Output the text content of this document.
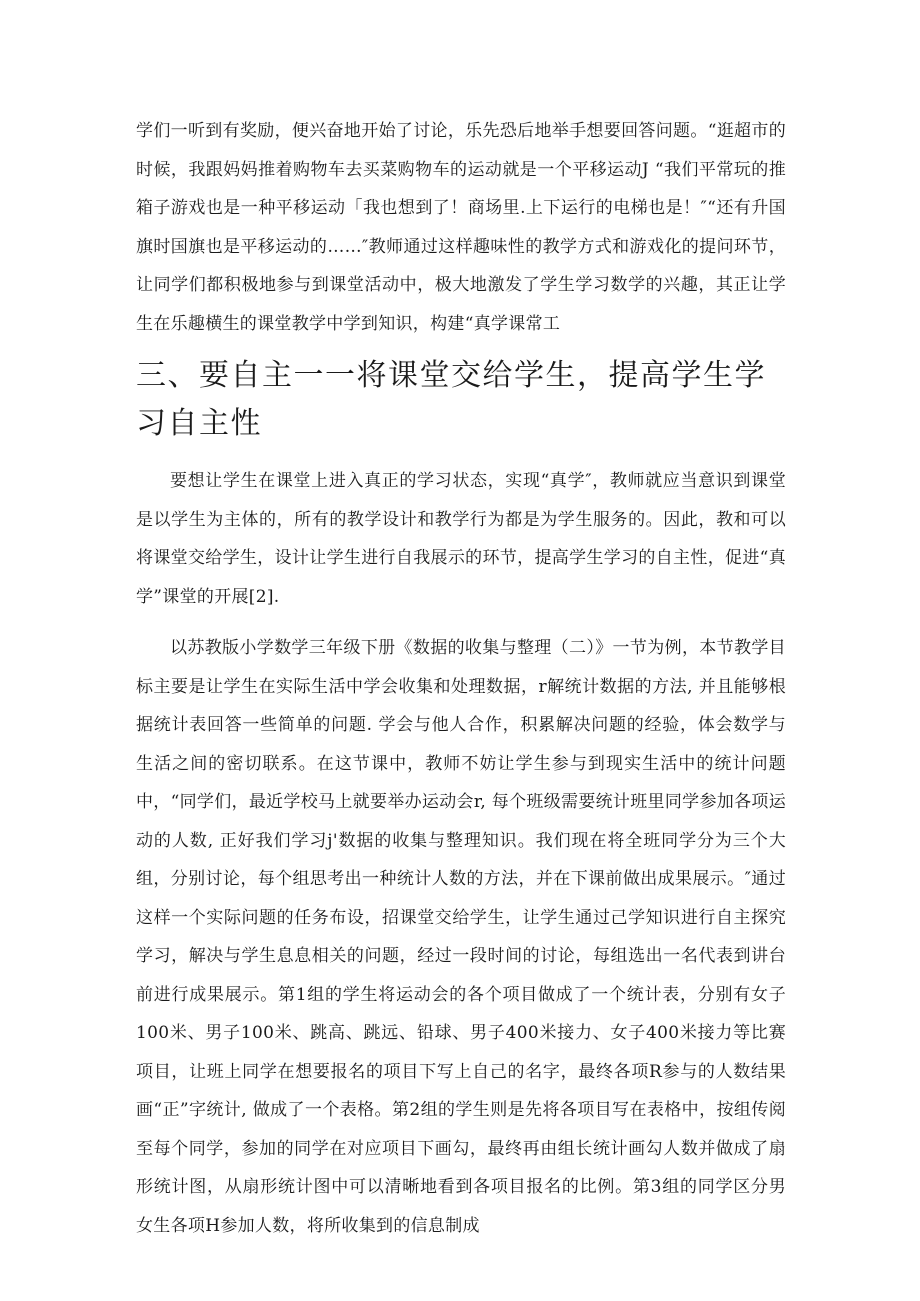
学们一听到有奖励，便兴奋地开始了讨论，乐先恐后地举手想要回答问题。“逛超市的时候，我跟妈妈推着购物车去买菜购物车的运动就是一个平移运动J “我们平常玩的推箱子游戏也是一种平移运动「我也想到了！商场里.上下运行的电梯也是！″“还有升国旗时国旗也是平移运动的……″教师通过这样趣味性的教学方式和游戏化的提问环节，让同学们都积极地参与到课堂活动中，极大地激发了学生学习数学的兴趣，其正让学生在乐趣横生的课堂教学中学到知识，构建“真学课常工

三、要自主一一将课堂交给学生，提高学生学习自主性

要想让学生在课堂上进入真正的学习状态，实现“真学″，教师就应当意识到课堂是以学生为主体的，所有的教学设计和教学行为都是为学生服务的。因此，教和可以将课堂交给学生，设计让学生进行自我展示的环节，提高学生学习的自主性，促进“真学”课堂的开展[2].

以苏教版小学数学三年级下册《数据的收集与整理（二）》一节为例，本节教学目标主要是让学生在实际生活中学会收集和处理数据，r解统计数据的方法, 并且能够根据统计表回答一些简单的问题. 学会与他人合作，积累解决问题的经验，体会数学与生活之间的密切联系。在这节课中，教师不妨让学生参与到现实生活中的统计问题中，“同学们，最近学校马上就要举办运动会r, 每个班级需要统计班里同学参加各项运动的人数, 正好我们学习j'数据的收集与整理知识。我们现在将全班同学分为三个大组，分别讨论，每个组思考出一种统计人数的方法，并在下课前做出成果展示。″通过这样一个实际问题的任务布设，招课堂交给学生，让学生通过己学知识进行自主探究学习，解决与学生息息相关的问题，经过一段时间的讨论，每组选出一名代表到讲台前进行成果展示。第1组的学生将运动会的各个项目做成了一个统计表，分别有女子100米、男子100米、跳高、跳远、铅球、男子400米接力、女子400米接力等比赛项目，让班上同学在想要报名的项目下写上自己的名字，最终各项R参与的人数结果画“正”字统计, 做成了一个表格。第2组的学生则是先将各项目写在表格中，按组传阅至每个同学，参加的同学在对应项目下画勾，最终再由组长统计画勾人数并做成了扇形统计图，从扇形统计图中可以清晰地看到各项目报名的比例。第3组的同学区分男女生各项H参加人数，将所收集到的信息制成
